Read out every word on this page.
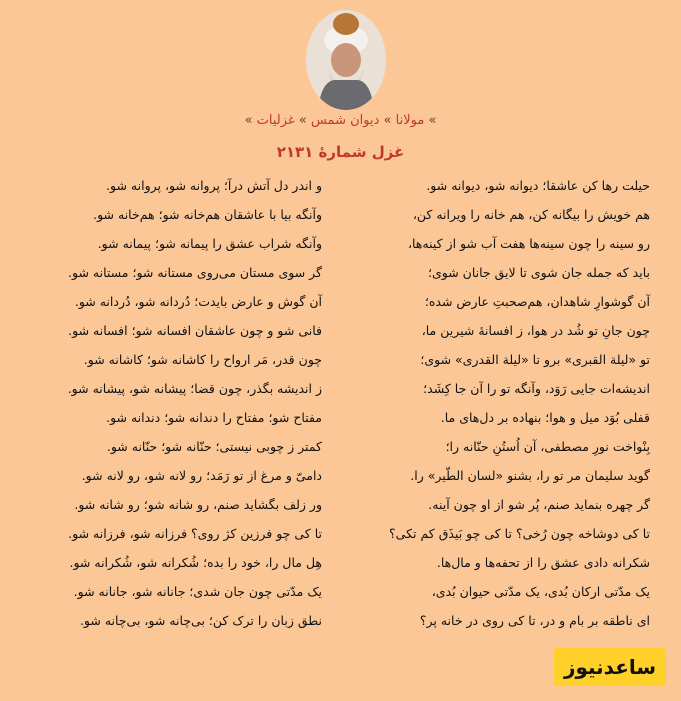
» مولانا » دیوان شمس » غزلیات »
غزل شمارهٔ ۲۱۳۱
حیلت رها کن عاشقا؛ دیوانه شو، دیوانه شو.
و اندر دل آتش درآ؛ پروانه شو، پروانه شو.
هم خویش را بیگانه کن، هم خانه را ویرانه کن،
وآنگه بیا با عاشقان هم‌خانه شو؛ هم‌خانه شو.
رو سینه را چون سینه‌ها هفت آب شو از کینه‌ها،
وآنگه شراب عشق را پیمانه شو؛ پیمانه شو.
باید که جمله جان شوی تا لایق جانان شوی؛
گر سوی مستان می‌روی مستانه شو؛ مستانه شو.
آن گوشوارِ شاهدان، هم‌صحبتِ عارض شده؛
آن گوش و عارض بایدت؛ دُردانه شو، دُردانه شو.
چون جانِ تو شُد در هوا، ز افسانهٔ شیرین ما،
فانی شو و چون عاشقان افسانه شو؛ افسانه شو.
تو «لیلة القبری» برو تا «لیلة القدری» شوی؛
چون قدر، مَر ارواح را کاشانه شو؛ کاشانه شو.
اندیشه‌ات جایی رَوَد، وآنگه تو را آن جا کِشَد؛
ز اندیشه بگذر، چون قضا؛ پیشانه شو، پیشانه شو.
قفلی بُوَد میل و هوا؛ بنهاده بر دل‌های ما.
مفتاح شو؛ مفتاح را دندانه شو؛ دندانه شو.
بِنْواخت نورِ مصطفی، آن اُستُنِ حنّانه را؛
کمتر ز چوبی نیستی؛ حنّانه شو؛ حنّانه شو.
گوید سلیمان مر تو را، بشنو «لسان الطّیر» را.
دامیّ و مرغ از تو رَمَد؛ رو لانه شو، رو لانه شو.
گر چهره بنماید صنم، پُر شو از او چون آینه.
ور زلف بگشاید صنم، رو شانه شو؛ رو شانه شو.
تا کی دوشاخه چون رُخی؟ تا کی چو بَیذَق کم تکی؟
تا کی چو فرزین کژ روی؟ فرزانه شو، فرزانه شو.
شکرانه دادی عشق را از تحفه‌ها و مال‌ها.
هِل مال را، خود را بده؛ شُکرانه شو، شُکرانه شو.
یک مدّتی ارکان بُدی، یک مدّتی حیوان بُدی،
یک مدّتی چون جان شدی؛ جانانه شو، جانانه شو.
ای ناطقه بر بام و در، تا کی روی در خانه پر؟
نطق زبان را ترک کن؛ بی‌چانه شو، بی‌چانه شو.
ساعدنیوز
